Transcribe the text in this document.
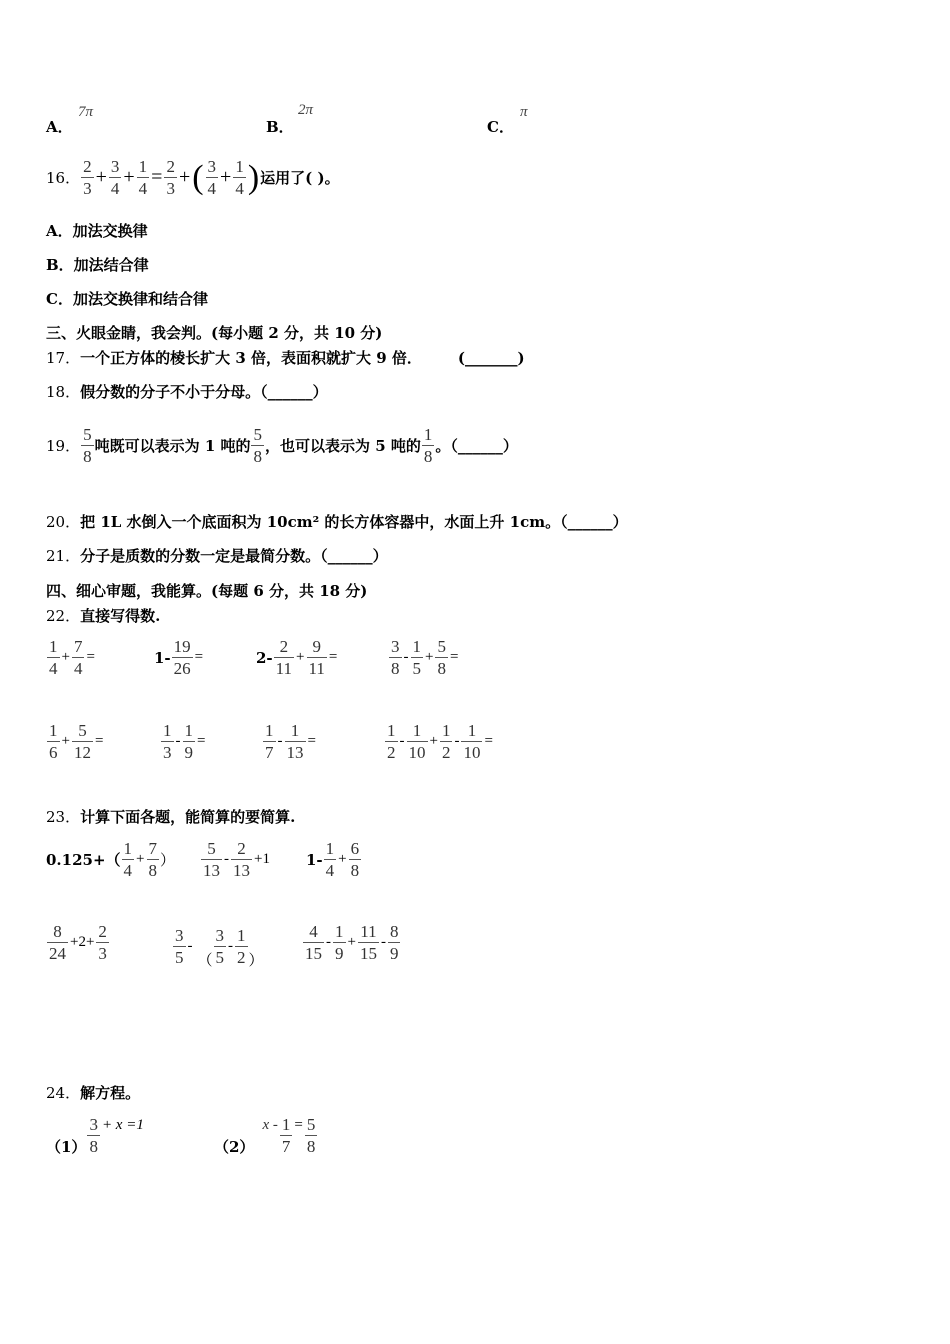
A．
7π
B．
2π
C．
π
16．
2
3
+ $\frac{3}{4} + \frac{1}{4} = \frac{2}{3}$ + ( 3
4
+ $\frac{1}{4}$ ) 运用了( )。
A．加法交换律
B．加法结合律
C．加法交换律和结合律
三、火眼金睛，我会判。(每小题 2 分，共 10 分)
17．一个正方体的棱长扩大 3 倍，表面积就扩大 9 倍． (_______)
18．假分数的分子不小于分母。（______）
19．
5
8
吨既可以表示为 1 吨的
5
8
，也可以表示为 5 吨的
1
8
。（______）
20．把 1L 水倒入一个底面积为 10cm² 的长方体容器中，水面上升 1cm。（______）
21．分子是质数的分数一定是最简分数。（______）
四、细心审题，我能算。(每题 6 分，共 18 分)
22．直接写得数.
1
4
+ $\frac{7}{4}$ =	$1- \frac{19}{26}$ =	2-
2
11
+ $\frac{9}{11}$ =
3
8
-
1
5
+ $\frac{5}{8}$ =
1
6
+ $\frac{5}{12}$ =
1
3
- $\frac{1}{9}$ =
1
7
- $\frac{1}{13}$ =
1
2
-
1
10
+ $\frac{1}{2} - \frac{1}{10}$ =
23．计算下面各题，能简算的要简算.
0.125+（
1
4
+ $\frac{7}{8}$ ）
5
13
-
2
13
+1 1-
1
4
+ $\frac{6}{8}$
8
24
$+2+ \frac{2}{3}$	3
5
-
（
3
5
-
1
2 ）
4
15
-
1
9
+ $\frac{11}{15}$ -
8
9
24．解方程。
（1）
3
8
+ x =1
（2）
$x - \frac{1}{7} = \frac{5}{8}$
